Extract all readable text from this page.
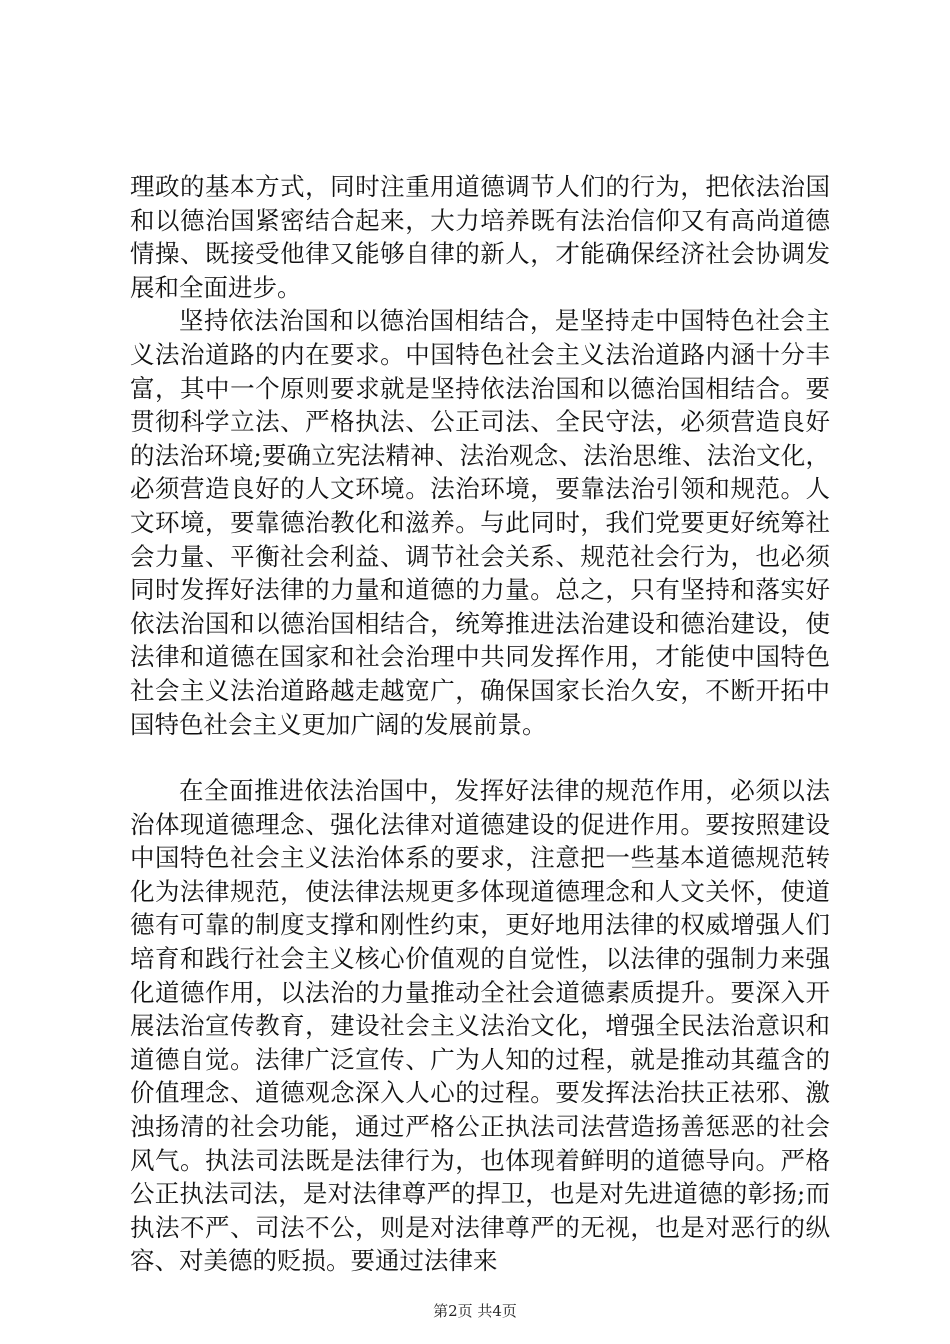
理政的基本方式，同时注重用道德调节人们的行为，把依法治国和以德治国紧密结合起来，大力培养既有法治信仰又有高尚道德情操、既接受他律又能够自律的新人，才能确保经济社会协调发展和全面进步。

坚持依法治国和以德治国相结合，是坚持走中国特色社会主义法治道路的内在要求。中国特色社会主义法治道路内涵十分丰富，其中一个原则要求就是坚持依法治国和以德治国相结合。要贯彻科学立法、严格执法、公正司法、全民守法，必须营造良好的法治环境;要确立宪法精神、法治观念、法治思维、法治文化，必须营造良好的人文环境。法治环境，要靠法治引领和规范。人文环境，要靠德治教化和滋养。与此同时，我们党要更好统筹社会力量、平衡社会利益、调节社会关系、规范社会行为，也必须同时发挥好法律的力量和道德的力量。总之，只有坚持和落实好依法治国和以德治国相结合，统筹推进法治建设和德治建设，使法律和道德在国家和社会治理中共同发挥作用，才能使中国特色社会主义法治道路越走越宽广，确保国家长治久安，不断开拓中国特色社会主义更加广阔的发展前景。

在全面推进依法治国中，发挥好法律的规范作用，必须以法治体现道德理念、强化法律对道德建设的促进作用。要按照建设中国特色社会主义法治体系的要求，注意把一些基本道德规范转化为法律规范，使法律法规更多体现道德理念和人文关怀，使道德有可靠的制度支撑和刚性约束，更好地用法律的权威增强人们培育和践行社会主义核心价值观的自觉性，以法律的强制力来强化道德作用，以法治的力量推动全社会道德素质提升。要深入开展法治宣传教育，建设社会主义法治文化，增强全民法治意识和道德自觉。法律广泛宣传、广为人知的过程，就是推动其蕴含的价值理念、道德观念深入人心的过程。要发挥法治扶正祛邪、激浊扬清的社会功能，通过严格公正执法司法营造扬善惩恶的社会风气。执法司法既是法律行为，也体现着鲜明的道德导向。严格公正执法司法，是对法律尊严的捍卫，也是对先进道德的彰扬;而执法不严、司法不公，则是对法律尊严的无视，也是对恶行的纵容、对美德的贬损。要通过法律来

第2页 共4页
